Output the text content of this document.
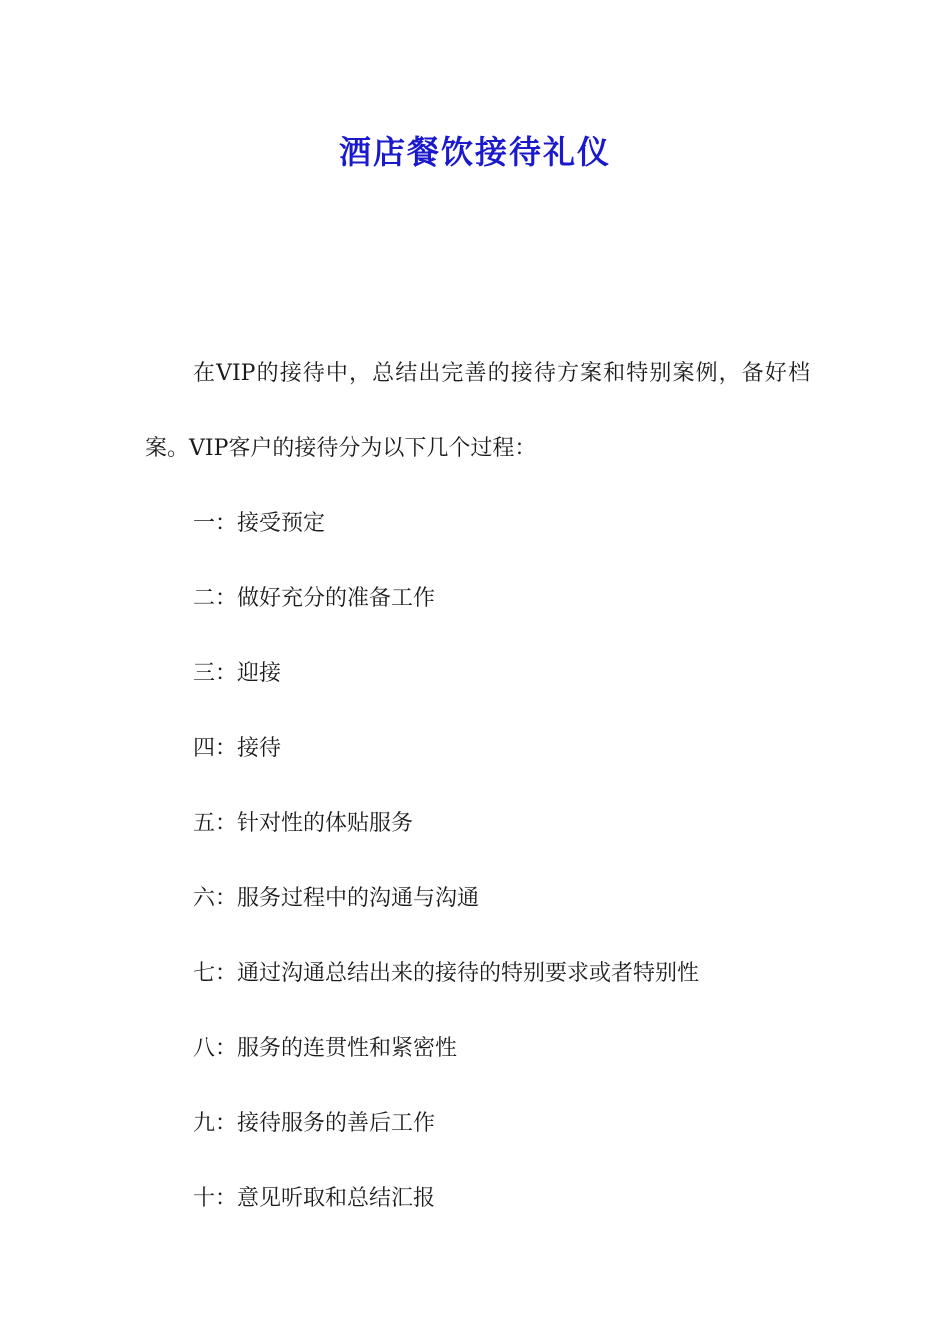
酒店餐饮接待礼仪

在VIP的接待中，总结出完善的接待方案和特别案例，备好档案。VIP客户的接待分为以下几个过程：

一：接受预定
二：做好充分的准备工作
三：迎接
四：接待
五：针对性的体贴服务
六：服务过程中的沟通与沟通
七：通过沟通总结出来的接待的特别要求或者特别性
八：服务的连贯性和紧密性
九：接待服务的善后工作
十：意见听取和总结汇报
